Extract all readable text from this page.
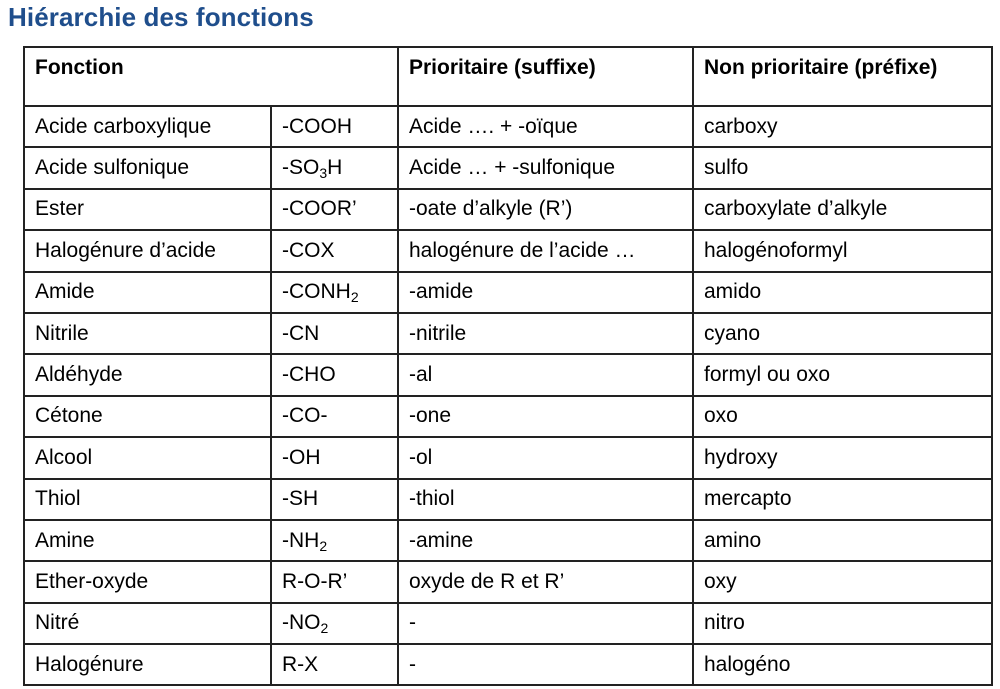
Hiérarchie des fonctions
Fonction		Prioritaire (suffixe)	Non prioritaire (préfixe)
Acide carboxylique	-COOH	Acide …. + -oïque	carboxy
Acide sulfonique	$-SO_3H$	Acide … + -sulfonique	sulfo
Ester	-COOR’	-oate d’alkyle (R’)	carboxylate d’alkyle
Halogénure d’acide	-COX	halogénure de l’acide …	halogénoformyl
Amide	$-CONH_2$	-amide	amido
Nitrile	-CN	-nitrile	cyano
Aldéhyde	-CHO	-al	formyl ou oxo
Cétone	-CO-	-one	oxo
Alcool	-OH	-ol	hydroxy
Thiol	-SH	-thiol	mercapto
Amine	$-NH_2$	-amine	amino
Ether-oxyde	R-O-R’	oxyde de R et R’	oxy
Nitré	$-NO_2$	-	nitro
Halogénure	R-X	-	halogéno
